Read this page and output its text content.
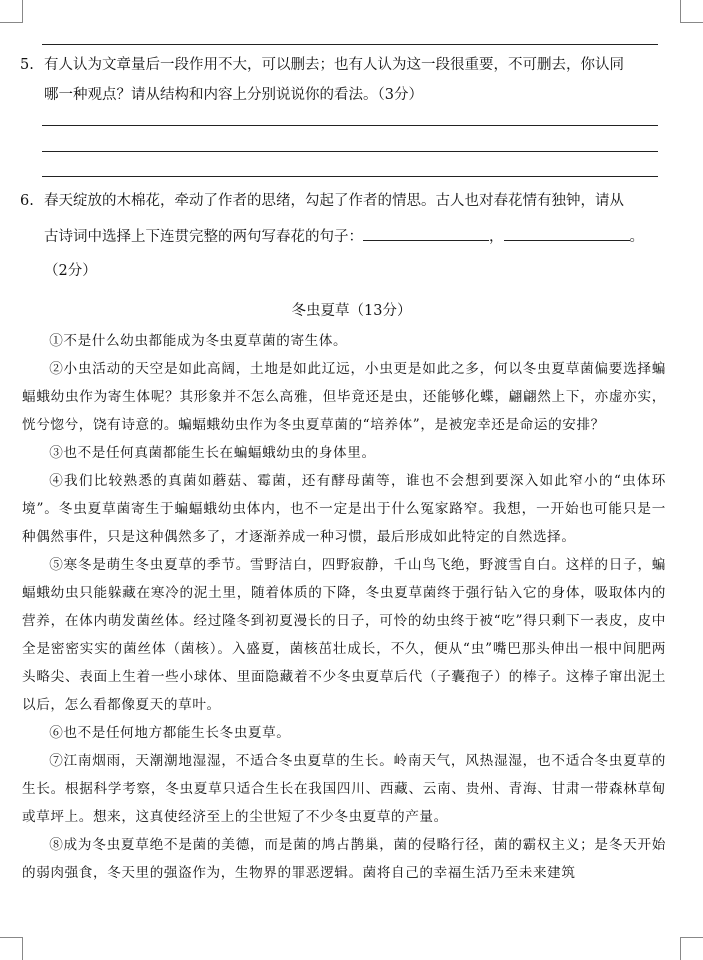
5. 有人认为文章量后一段作用不大，可以删去；也有人认为这一段很重要，不可删去，你认同
哪一种观点？请从结构和内容上分别说说你的看法。（3分）
6. 春天绽放的木棉花，牵动了作者的思绪，勾起了作者的情思。古人也对春花情有独钟，请从
古诗词中选择上下连贯完整的两句写春花的句子：	，	。
（2分）
冬虫夏草（13分）

①不是什么幼虫都能成为冬虫夏草菌的寄生体。

②小虫活动的天空是如此高阔，土地是如此辽远，小虫更是如此之多，何以冬虫夏草菌偏要选择蝙蝠蛾幼虫作为寄生体呢？其形象并不怎么高雅，但毕竟还是虫，还能够化蝶，翩翩然上下，亦虚亦实，恍兮惚兮，饶有诗意的。蝙蝠蛾幼虫作为冬虫夏草菌的“培养体”，是被宠幸还是命运的安排？

③也不是任何真菌都能生长在蝙蝠蛾幼虫的身体里。

④我们比较熟悉的真菌如蘑菇、霉菌，还有酵母菌等，谁也不会想到要深入如此窄小的“虫体环境”。冬虫夏草菌寄生于蝙蝠蛾幼虫体内，也不一定是出于什么冤家路窄。我想，一开始也可能只是一种偶然事件，只是这种偶然多了，才逐渐养成一种习惯，最后形成如此特定的自然选择。

⑤寒冬是萌生冬虫夏草的季节。雪野洁白，四野寂静，千山鸟飞绝，野渡雪自白。这样的日子，蝙蝠蛾幼虫只能躲藏在寒冷的泥土里，随着体质的下降，冬虫夏草菌终于强行钻入它的身体，吸取体内的营养，在体内萌发菌丝体。经过隆冬到初夏漫长的日子，可怜的幼虫终于被“吃”得只剩下一表皮，皮中全是密密实实的菌丝体（菌核）。入盛夏，菌核茁壮成长，不久，便从“虫”嘴巴那头伸出一根中间肥两头略尖、表面上生着一些小球体、里面隐藏着不少冬虫夏草后代（子囊孢子）的棒子。这棒子窜出泥土以后，怎么看都像夏天的草叶。

⑥也不是任何地方都能生长冬虫夏草。

⑦江南烟雨，天潮潮地湿湿，不适合冬虫夏草的生长。岭南天气，风热湿湿，也不适合冬虫夏草的生长。根据科学考察，冬虫夏草只适合生长在我国四川、西藏、云南、贵州、青海、甘肃一带森林草甸或草坪上。想来，这真使经济至上的尘世短了不少冬虫夏草的产量。

⑧成为冬虫夏草绝不是菌的美德，而是菌的鸠占鹊巢，菌的侵略行径，菌的霸权主义；是冬天开始的弱肉强食，冬天里的强盗作为，生物界的罪恶逻辑。菌将自己的幸福生活乃至未来建筑
